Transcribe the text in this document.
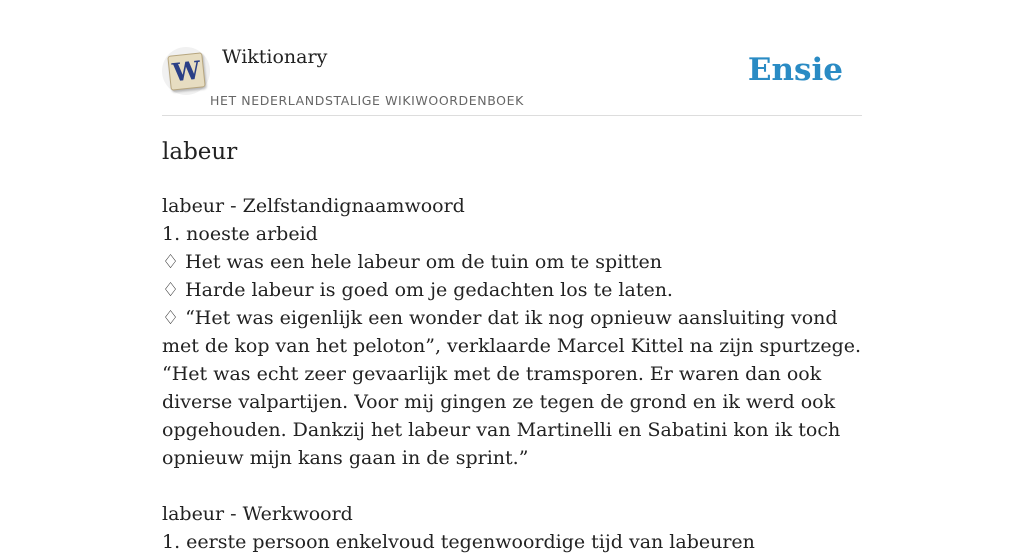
W Wiktionary
HET NEDERLANDSTALIGE WIKIWOORDENBOEK
Ensie
labeur

labeur - Zelfstandignaamwoord

1. noeste arbeid

♢ Het was een hele labeur om de tuin om te spitten

♢ Harde labeur is goed om je gedachten los te laten.

♢ “Het was eigenlijk een wonder dat ik nog opnieuw aansluiting vond met de kop van het peloton”, verklaarde Marcel Kittel na zijn spurtzege. “Het was echt zeer gevaarlijk met de tramsporen. Er waren dan ook diverse valpartijen. Voor mij gingen ze tegen de grond en ik werd ook opgehouden. Dankzij het labeur van Martinelli en Sabatini kon ik toch opnieuw mijn kans gaan in de sprint.”

labeur - Werkwoord

1. eerste persoon enkelvoud tegenwoordige tijd van labeuren
